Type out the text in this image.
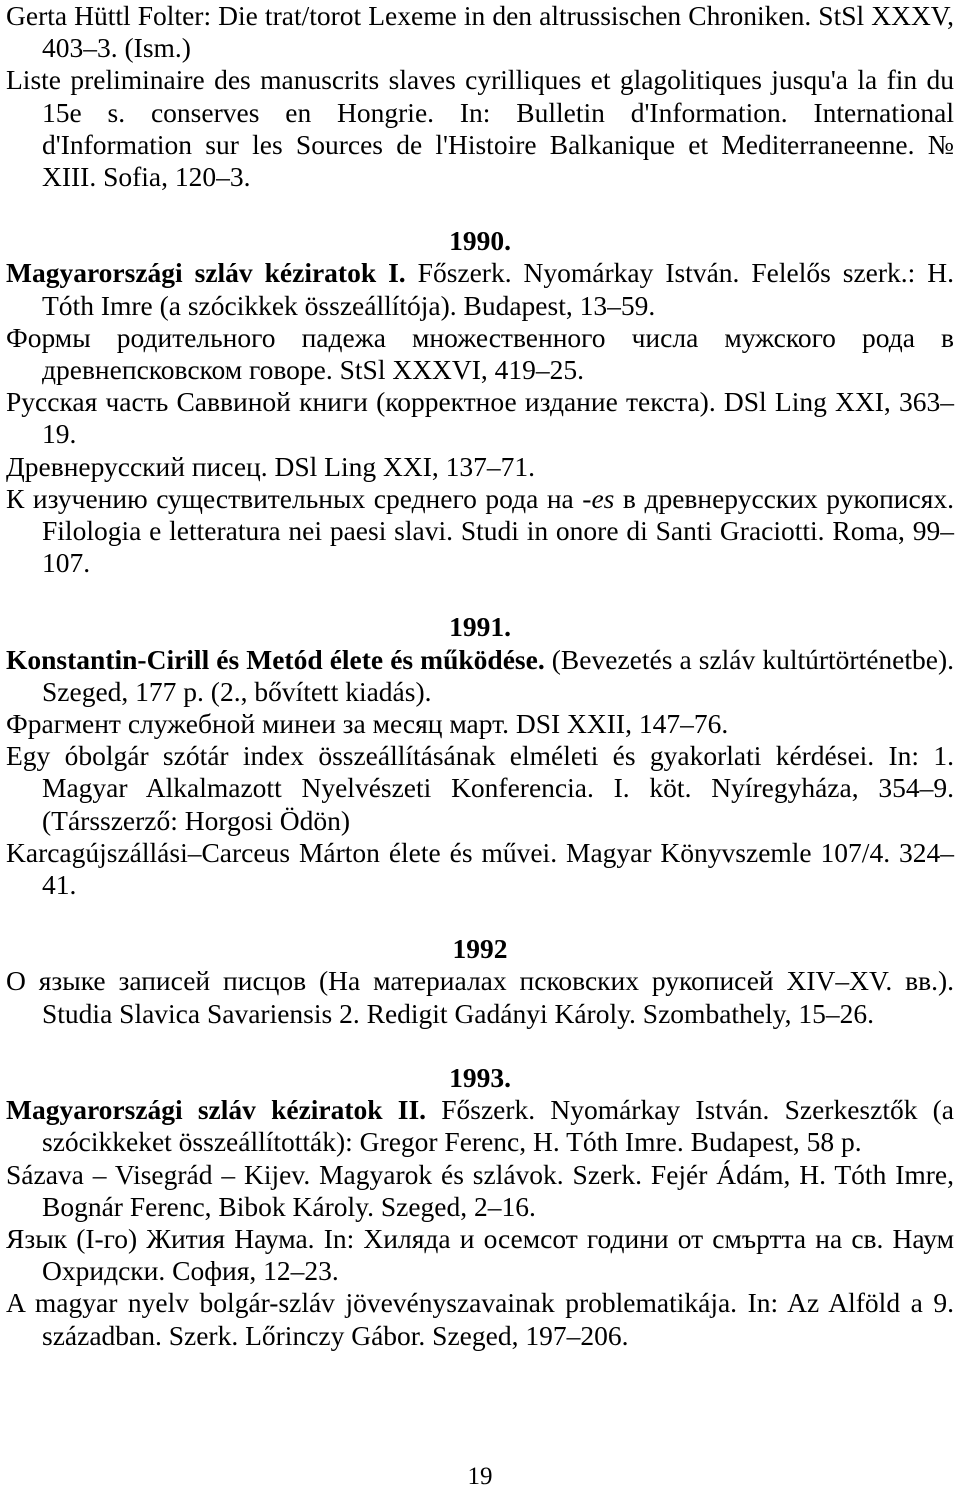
Gerta Hüttl Folter: Die trat/torot Lexeme in den altrussischen Chroniken. StSl XXXV, 403–3. (Ism.)

Liste preliminaire des manuscrits slaves cyrilliques et glagolitiques jusqu'a la fin du 15e s. conserves en Hongrie. In: Bulletin d'Information. International d'Information sur les Sources de l'Histoire Balkanique et Mediterraneenne. № XIII. Sofia, 120–3.

1990.

Magyarországi szláv kéziratok I. Főszerk. Nyomárkay István. Felelős szerk.: H. Tóth Imre (a szócikkek összeállítója). Budapest, 13–59.

Формы родительного падежа множественного числа мужского рода в древнепсковском говоре. StSl XXXVI, 419–25.

Русская часть Саввиной книги (корректное издание текста). DSl Ling XXI, 363–19.

Древнерусский писец. DSl Ling XXI, 137–71.

К изучению существительных среднего рода на -es в древнерусских рукописях. Filologia e letteratura nei paesi slavi. Studi in onore di Santi Graciotti. Roma, 99–107.

1991.

Konstantin-Cirill és Metód élete és működése. (Bevezetés a szláv kultúrtörténetbe). Szeged, 177 p. (2., bővített kiadás).

Фрагмент служебной минеи за месяц март. DSI XXII, 147–76.

Egy óbolgár szótár index összeállításának elméleti és gyakorlati kérdései. In: 1. Magyar Alkalmazott Nyelvészeti Konferencia. I. köt. Nyíregyháza, 354–9. (Társszerző: Horgosi Ödön)

Karcagújszállási–Carceus Márton élete és művei. Magyar Könyvszemle 107/4. 324–41.

1992

О языке записей писцов (На материалах псковских рукописей XIV–XV. вв.). Studia Slavica Savariensis 2. Redigit Gadányi Károly. Szombathely, 15–26.

1993.

Magyarországi szláv kéziratok II. Főszerk. Nyomárkay István. Szerkesztők (a szócikkeket összeállították): Gregor Ferenc, H. Tóth Imre. Budapest, 58 p.

Sázava – Visegrád – Kijev. Magyarok és szlávok. Szerk. Fejér Ádám, H. Tóth Imre, Bognár Ferenc, Bibok Károly. Szeged, 2–16.

Язык (I-го) Жития Наума. In: Хиляда и осемсот години от смъртта на св. Наум Охридски. София, 12–23.

A magyar nyelv bolgár-szláv jövevényszavainak problematikája. In: Az Alföld a 9. században. Szerk. Lőrinczy Gábor. Szeged, 197–206.

19
